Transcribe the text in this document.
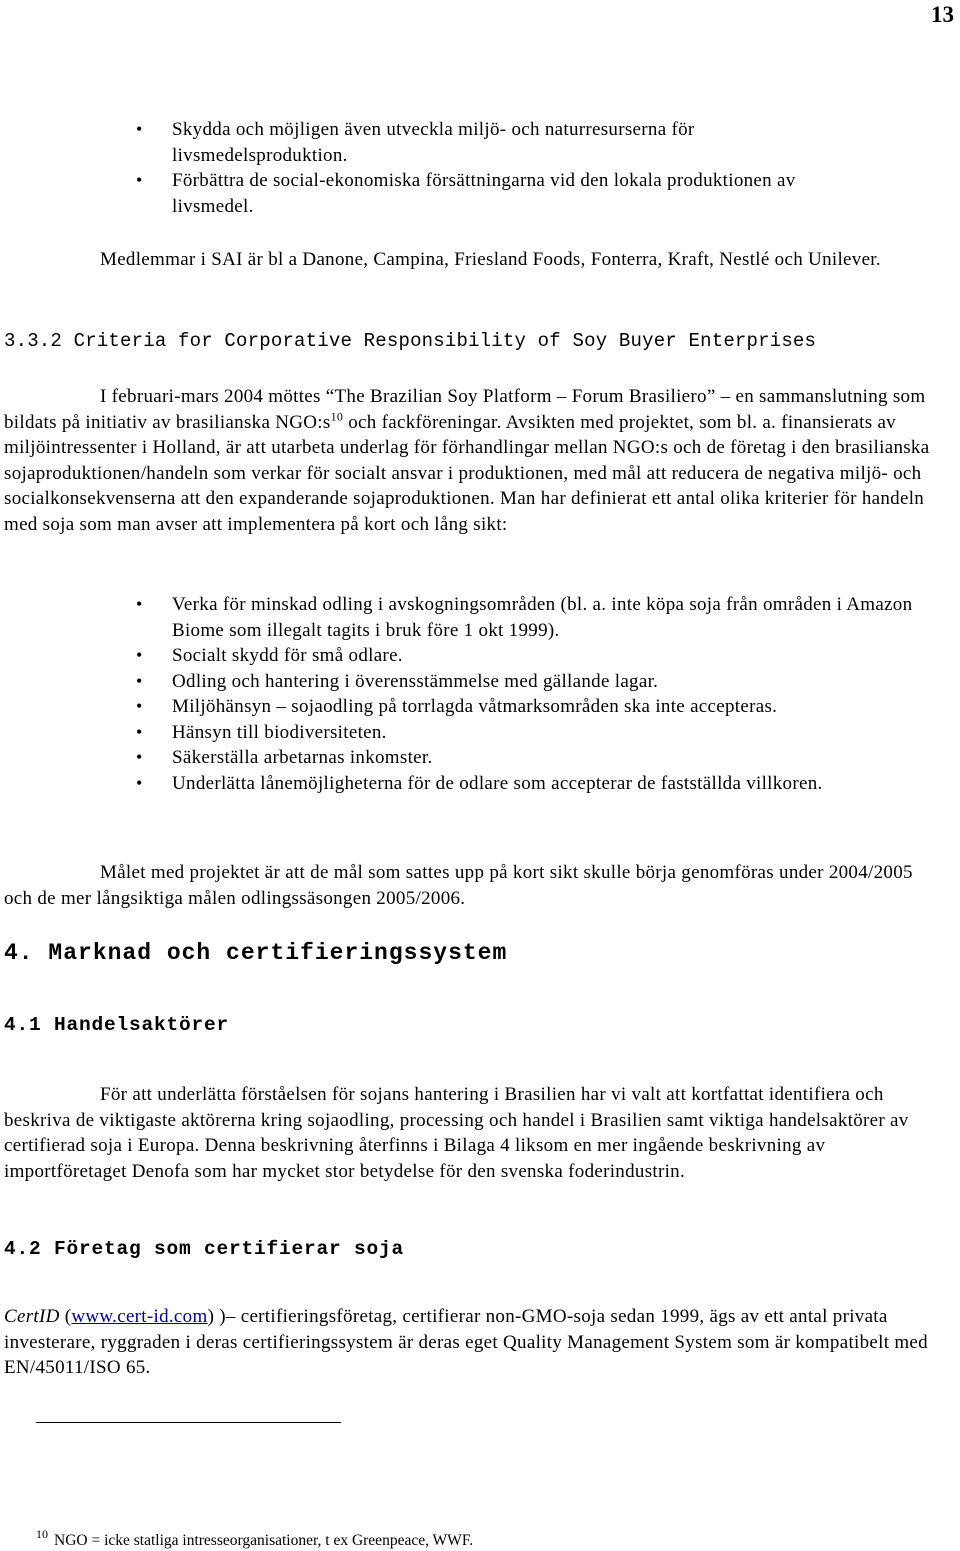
13
• Skydda och möjligen även utveckla miljö- och naturresurserna för livsmedelsproduktion.
• Förbättra de social-ekonomiska försättningarna vid den lokala produktionen av livsmedel.

Medlemmar i SAI är bl a Danone, Campina, Friesland Foods, Fonterra, Kraft, Nestlé och Unilever.

3.3.2 Criteria for Corporative Responsibility of Soy Buyer Enterprises

I februari-mars 2004 möttes “The Brazilian Soy Platform – Forum Brasiliero” – en sammanslutning som bildats på initiativ av brasilianska $NGO:s^{10}$ och fackföreningar. Avsikten med projektet, som bl. a. finansierats av miljöintressenter i Holland, är att utarbeta underlag för förhandlingar mellan NGO:s och de företag i den brasilianska sojaproduktionen/handeln som verkar för socialt ansvar i produktionen, med mål att reducera de negativa miljö- och socialkonsekvenserna att den expanderande sojaproduktionen. Man har definierat ett antal olika kriterier för handeln med soja som man avser att implementera på kort och lång sikt:

• Verka för minskad odling i avskogningsområden (bl. a. inte köpa soja från områden i Amazon Biome som illegalt tagits i bruk före 1 okt 1999).
• Socialt skydd för små odlare.
• Odling och hantering i överensstämmelse med gällande lagar.
• Miljöhänsyn – sojaodling på torrlagda våtmarksområden ska inte accepteras.
• Hänsyn till biodiversiteten.
• Säkerställa arbetarnas inkomster.
• Underlätta lånemöjligheterna för de odlare som accepterar de fastställda villkoren.

Målet med projektet är att de mål som sattes upp på kort sikt skulle börja genomföras under 2004/2005 och de mer långsiktiga målen odlingssäsongen 2005/2006.

4. Marknad och certifieringssystem
4.1 Handelsaktörer

För att underlätta förståelsen för sojans hantering i Brasilien har vi valt att kortfattat identifiera och beskriva de viktigaste aktörerna kring sojaodling, processing och handel i Brasilien samt viktiga handelsaktörer av certifierad soja i Europa. Denna beskrivning återfinns i Bilaga 4 liksom en mer ingående beskrivning av importföretaget Denofa som har mycket stor betydelse för den svenska foderindustrin.

4.2 Företag som certifierar soja

CertID (www.cert-id.com) )– certifieringsföretag, certifierar non-GMO-soja sedan 1999, ägs av ett antal privata investerare, ryggraden i deras certifieringssystem är deras eget Quality Management System som är kompatibelt med EN/45011/ISO 65.

$^{10}$ NGO = icke statliga intresseorganisationer, t ex Greenpeace, WWF.
